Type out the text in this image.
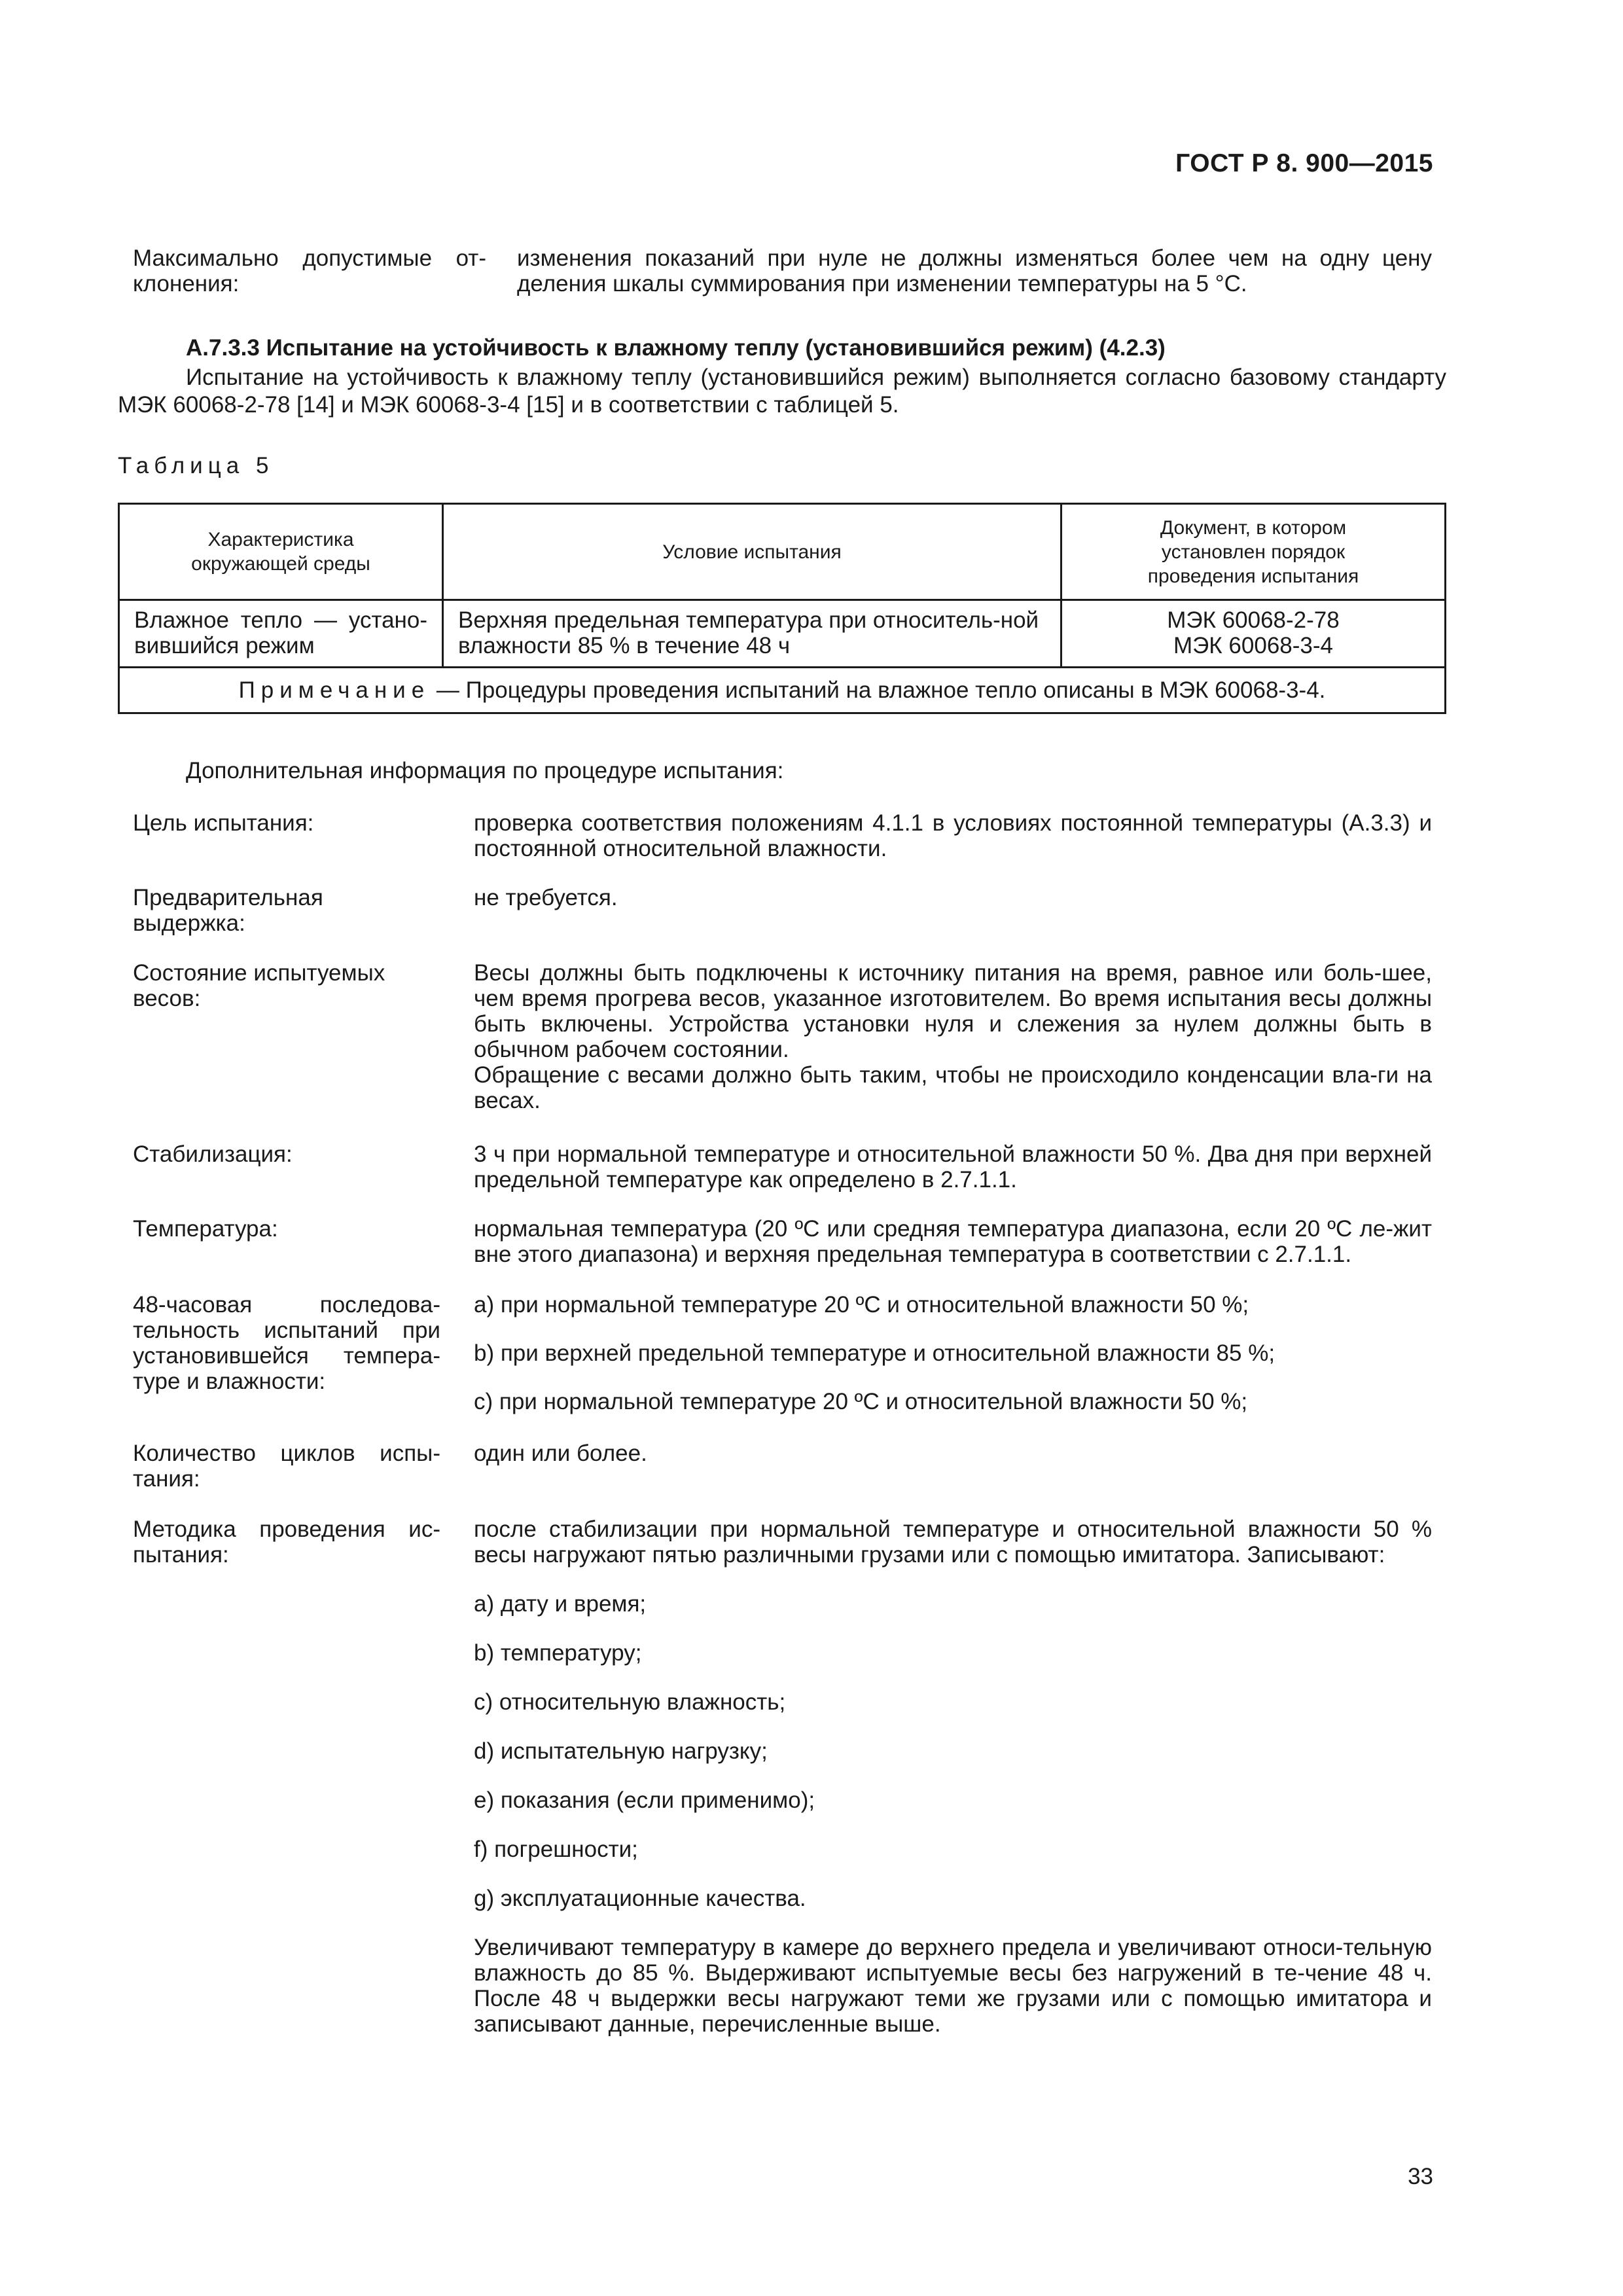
ГОСТ Р 8. 900—2015
Максимально допустимые от-клонения:
изменения показаний при нуле не должны изменяться более чем на одну цену деления шкалы суммирования при изменении температуры на 5 °С.
А.7.3.3 Испытание на устойчивость к влажному теплу (установившийся режим) (4.2.3)
Испытание на устойчивость к влажному теплу (установившийся режим) выполняется согласно базовому стандарту МЭК 60068-2-78 [14] и МЭК 60068-3-4 [15] и в соответствии с таблицей 5.
Таблица 5
Характеристика окружающей среды	Условие испытания	Документ, в котором установлен порядок проведения испытания

Влажное тепло — устано-вившийся режим	Верхняя предельная температура при относитель-ной влажности 85 % в течение 48 ч	МЭК 60068-2-78
МЭК 60068-3-4

Примечание — Процедуры проведения испытаний на влажное тепло описаны в МЭК 60068-3-4.		
Дополнительная информация по процедуре испытания:
Цель испытания:	проверка соответствия положениям 4.1.1 в условиях постоянной температуры (А.3.3) и постоянной относительной влажности.
Предварительная выдержка:
не требуется.
Состояние испытуемых весов:
Весы должны быть подключены к источнику питания на время, равное или боль-шее, чем время прогрева весов, указанное изготовителем. Во время испытания весы должны быть включены. Устройства установки нуля и слежения за нулем должны быть в обычном рабочем состоянии.
Обращение с весами должно быть таким, чтобы не происходило конденсации вла-ги на весах.
Стабилизация:	3 ч при нормальной температуре и относительной влажности 50 %. Два дня при верхней предельной температуре как определено в 2.7.1.1.
Температура:	нормальная температура (20 ºС или средняя температура диапазона, если 20 ºС ле-жит вне этого диапазона) и верхняя предельная температура в соответствии с 2.7.1.1.
48-часовая последова-тельность испытаний при установившейся темпера-туре и влажности:
a) при нормальной температуре 20 ºС и относительной влажности 50 %;
b) при верхней предельной температуре и относительной влажности 85 %;
c) при нормальной температуре 20 ºС и относительной влажности 50 %;
Количество циклов испы-тания:
один или более.
Методика проведения ис-пытания:
после стабилизации при нормальной температуре и относительной влажности 50 % весы нагружают пятью различными грузами или с помощью имитатора. Записывают:
a) дату и время;
b) температуру;
c) относительную влажность;
d) испытательную нагрузку;
e) показания (если применимо);
f) погрешности;
g) эксплуатационные качества.
Увеличивают температуру в камере до верхнего предела и увеличивают относи-тельную влажность до 85 %. Выдерживают испытуемые весы без нагружений в те-чение 48 ч. После 48 ч выдержки весы нагружают теми же грузами или с помощью имитатора и записывают данные, перечисленные выше.
33
